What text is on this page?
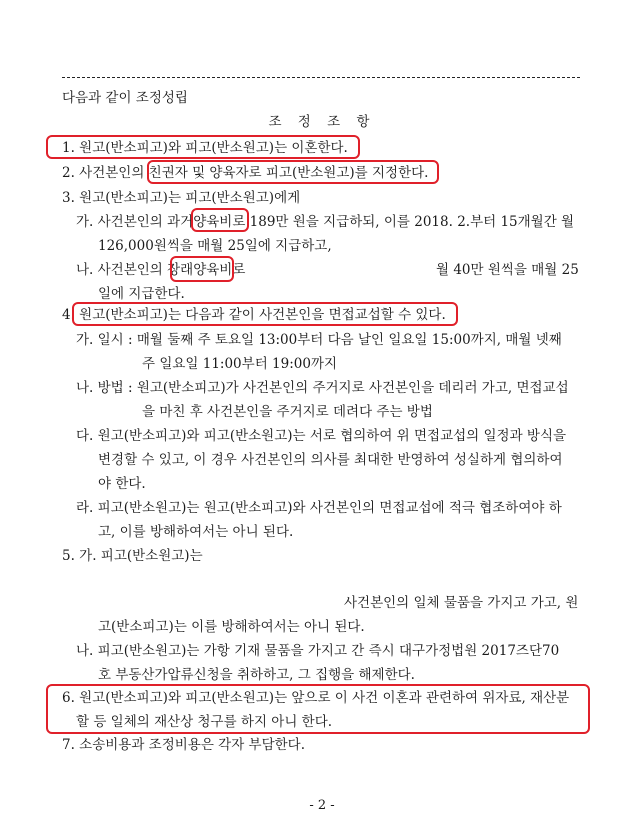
다음과 같이 조정성립
조 정 조 항
1. 원고(반소피고)와 피고(반소원고)는 이혼한다.
2. 사건본인의 친권자 및 양육자로 피고(반소원고)를 지정한다.
3. 원고(반소피고)는 피고(반소원고)에게
가. 사건본인의 과거양육비로 189만 원을 지급하되, 이를 2018. 2.부터 15개월간 월
126,000원씩을 매월 25일에 지급하고,
나. 사건본인의 장래양육비로	월 40만 원씩을 매월 25
일에 지급한다.
4. 원고(반소피고)는 다음과 같이 사건본인을 면접교섭할 수 있다.
가. 일시 : 매월 둘째 주 토요일 13:00부터 다음 날인 일요일 15:00까지, 매월 넷째
주 일요일 11:00부터 19:00까지
나. 방법 : 원고(반소피고)가 사건본인의 주거지로 사건본인을 데리러 가고, 면접교섭
을 마친 후 사건본인을 주거지로 데려다 주는 방법
다. 원고(반소피고)와 피고(반소원고)는 서로 협의하여 위 면접교섭의 일정과 방식을
변경할 수 있고, 이 경우 사건본인의 의사를 최대한 반영하여 성실하게 협의하여
야 한다.
라. 피고(반소원고)는 원고(반소피고)와 사건본인의 면접교섭에 적극 협조하여야 하
고, 이를 방해하여서는 아니 된다.
5. 가. 피고(반소원고)는
사건본인의 일체 물품을 가지고 가고, 원
고(반소피고)는 이를 방해하여서는 아니 된다.
나. 피고(반소원고)는 가항 기재 물품을 가지고 간 즉시 대구가정법원 2017즈단70
호 부동산가압류신청을 취하하고, 그 집행을 해제한다.
6. 원고(반소피고)와 피고(반소원고)는 앞으로 이 사건 이혼과 관련하여 위자료, 재산분
할 등 일체의 재산상 청구를 하지 아니 한다.
7. 소송비용과 조정비용은 각자 부담한다.
- 2 -
